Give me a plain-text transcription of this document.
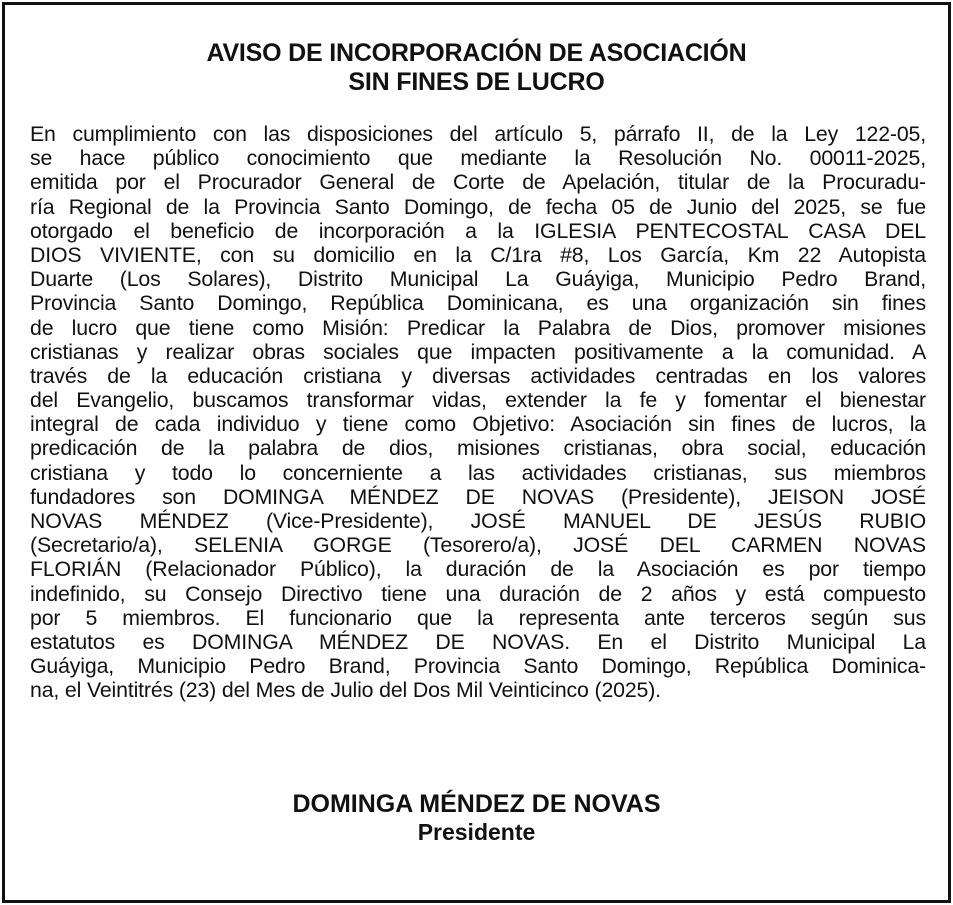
AVISO DE INCORPORACIÓN DE ASOCIACIÓN
SIN FINES DE LUCRO
En cumplimiento con las disposiciones del artículo 5, párrafo II, de la Ley 122-05,
se hace público conocimiento que mediante la Resolución No. 00011-2025,
emitida por el Procurador General de Corte de Apelación, titular de la Procuradu-
ría Regional de la Provincia Santo Domingo, de fecha 05 de Junio del 2025, se fue
otorgado el beneficio de incorporación a la IGLESIA PENTECOSTAL CASA DEL
DIOS VIVIENTE, con su domicilio en la C/1ra #8, Los García, Km 22 Autopista
Duarte (Los Solares), Distrito Municipal La Guáyiga, Municipio Pedro Brand,
Provincia Santo Domingo, República Dominicana, es una organización sin fines
de lucro que tiene como Misión: Predicar la Palabra de Dios, promover misiones
cristianas y realizar obras sociales que impacten positivamente a la comunidad. A
través de la educación cristiana y diversas actividades centradas en los valores
del Evangelio, buscamos transformar vidas, extender la fe y fomentar el bienestar
integral de cada individuo y tiene como Objetivo: Asociación sin fines de lucros, la
predicación de la palabra de dios, misiones cristianas, obra social, educación
cristiana y todo lo concerniente a las actividades cristianas, sus miembros
fundadores son DOMINGA MÉNDEZ DE NOVAS (Presidente), JEISON JOSÉ
NOVAS MÉNDEZ (Vice-Presidente), JOSÉ MANUEL DE JESÚS RUBIO
(Secretario/a), SELENIA GORGE (Tesorero/a), JOSÉ DEL CARMEN NOVAS
FLORIÁN (Relacionador Público), la duración de la Asociación es por tiempo
indefinido, su Consejo Directivo tiene una duración de 2 años y está compuesto
por 5 miembros. El funcionario que la representa ante terceros según sus
estatutos es DOMINGA MÉNDEZ DE NOVAS. En el Distrito Municipal La
Guáyiga, Municipio Pedro Brand, Provincia Santo Domingo, República Dominica-
na, el Veintitrés (23) del Mes de Julio del Dos Mil Veinticinco (2025).
DOMINGA MÉNDEZ DE NOVAS
Presidente
